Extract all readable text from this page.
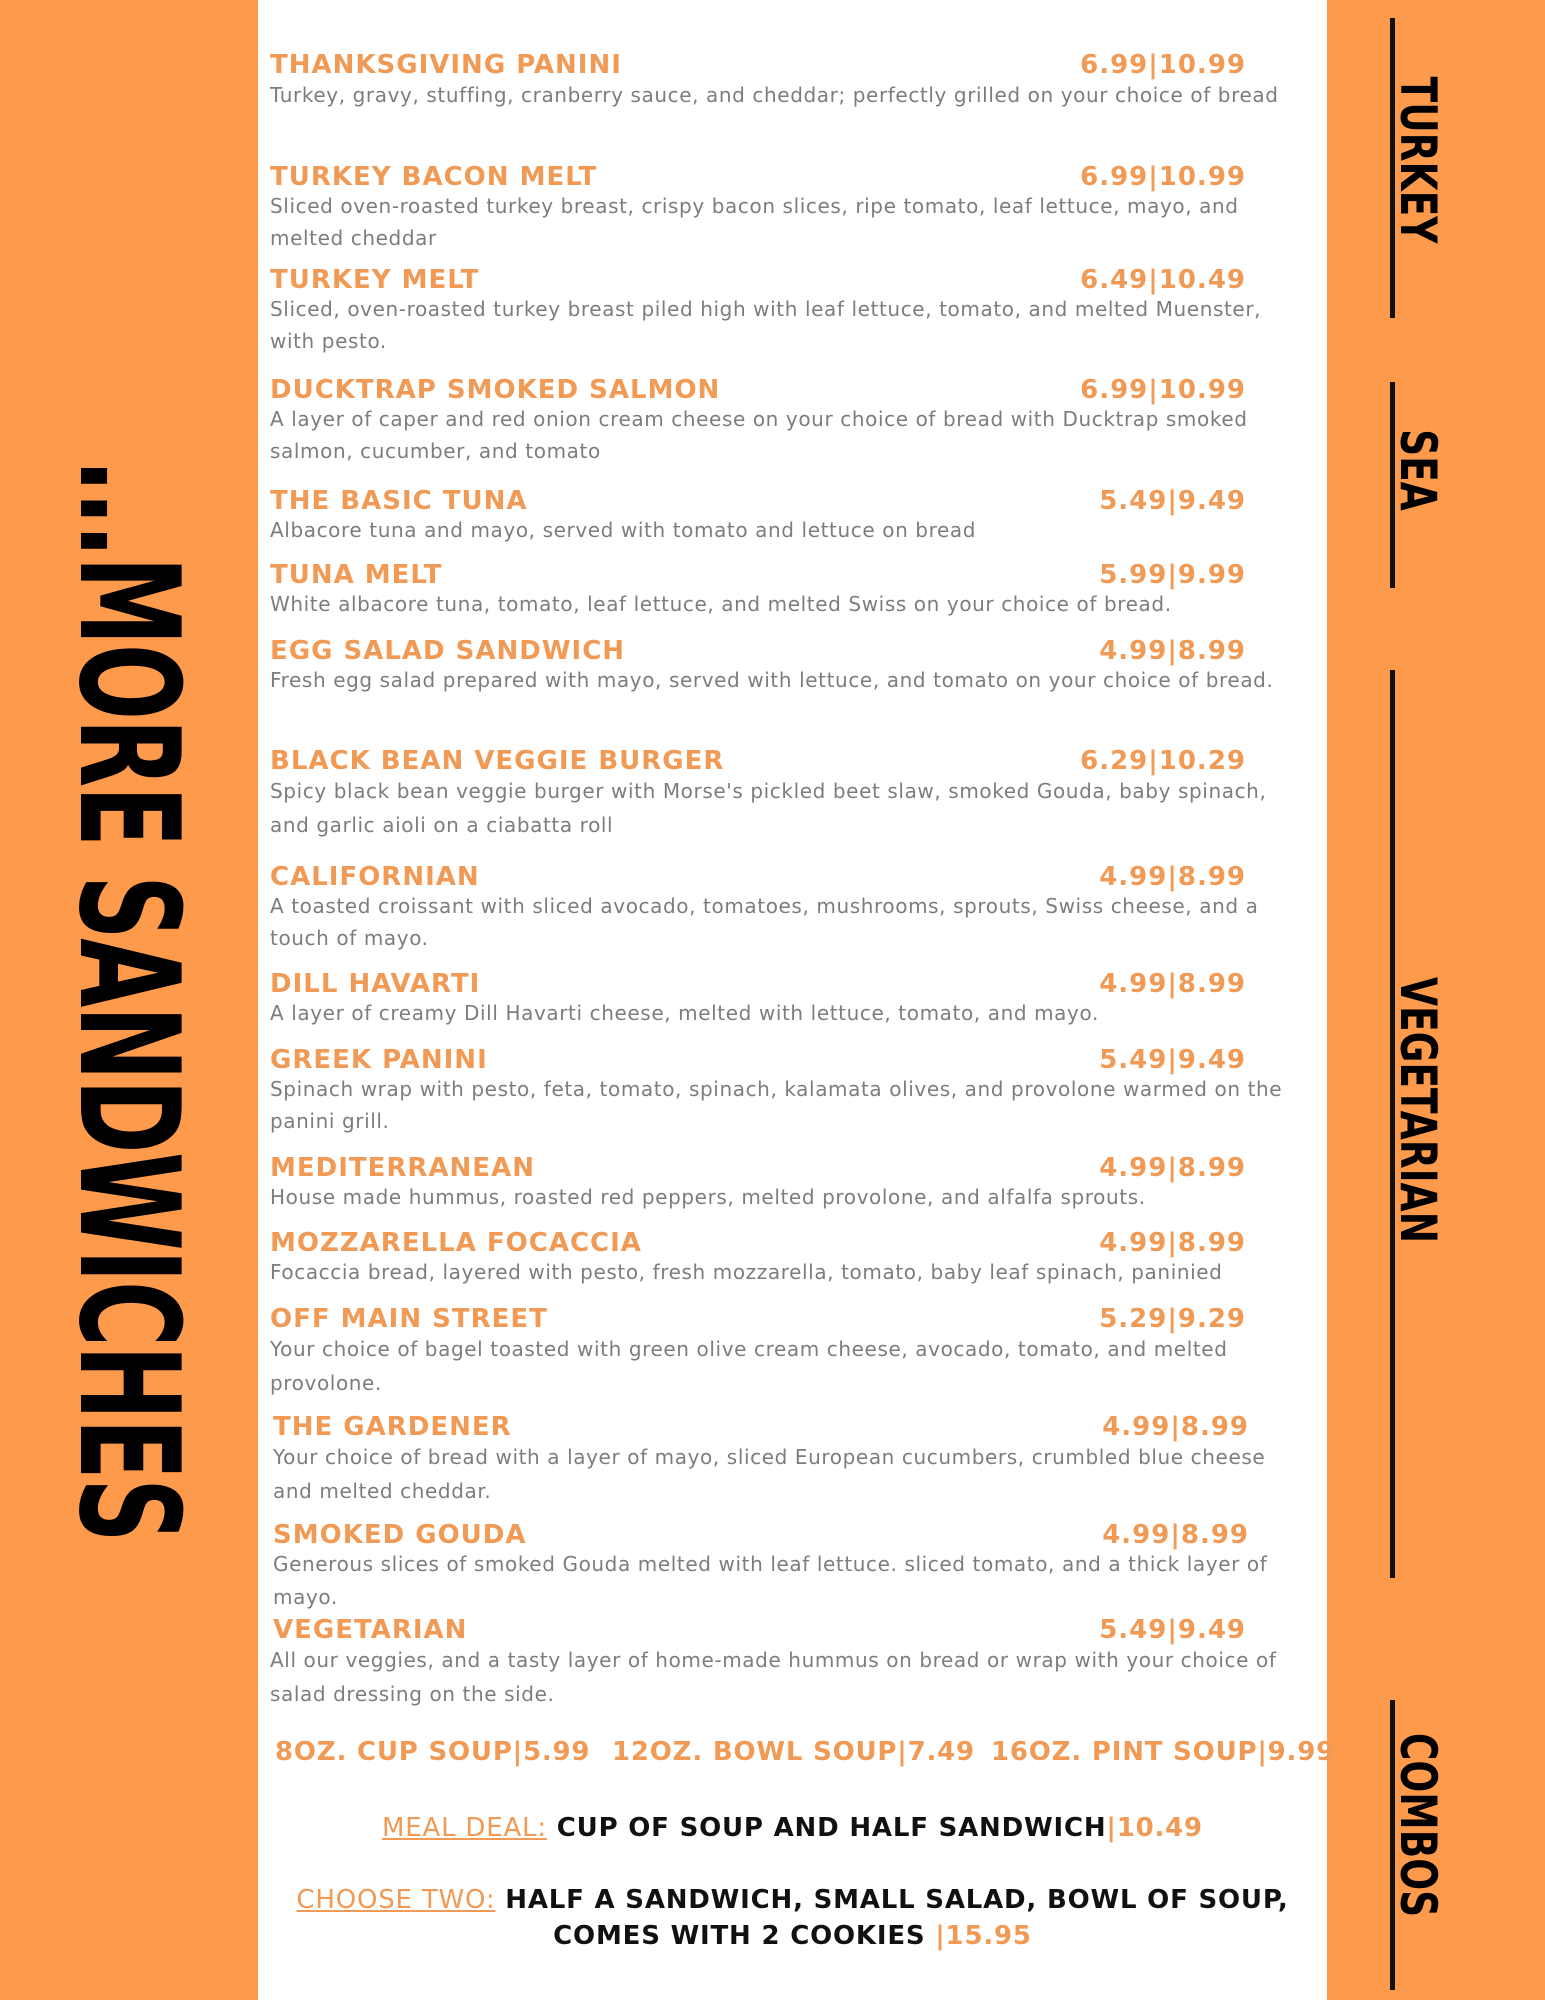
...MORE SANDWICHES
TURKEY
SEA
VEGETARIAN
COMBOS
THANKSGIVING PANINI	6.99|10.99
Turkey, gravy, stuffing, cranberry sauce, and cheddar; perfectly grilled on your choice of bread
TURKEY BACON MELT	6.99|10.99
Sliced oven-roasted turkey breast, crispy bacon slices, ripe tomato, leaf lettuce, mayo, and melted cheddar
TURKEY MELT	6.49|10.49
Sliced, oven-roasted turkey breast piled high with leaf lettuce, tomato, and melted Muenster, with pesto.
DUCKTRAP SMOKED SALMON	6.99|10.99
A layer of caper and red onion cream cheese on your choice of bread with Ducktrap smoked salmon, cucumber, and tomato
THE BASIC TUNA	5.49|9.49
Albacore tuna and mayo, served with tomato and lettuce on bread
TUNA MELT	5.99|9.99
White albacore tuna, tomato, leaf lettuce, and melted Swiss on your choice of bread.
EGG SALAD SANDWICH	4.99|8.99
Fresh egg salad prepared with mayo, served with lettuce, and tomato on your choice of bread.
BLACK BEAN VEGGIE BURGER	6.29|10.29
Spicy black bean veggie burger with Morse's pickled beet slaw, smoked Gouda, baby spinach, and garlic aioli on a ciabatta roll
CALIFORNIAN	4.99|8.99
A toasted croissant with sliced avocado, tomatoes, mushrooms, sprouts, Swiss cheese, and a touch of mayo.
DILL HAVARTI	4.99|8.99
A layer of creamy Dill Havarti cheese, melted with lettuce, tomato, and mayo.
GREEK PANINI	5.49|9.49
Spinach wrap with pesto, feta, tomato, spinach, kalamata olives, and provolone warmed on the panini grill.
MEDITERRANEAN	4.99|8.99
House made hummus, roasted red peppers, melted provolone, and alfalfa sprouts.
MOZZARELLA FOCACCIA	4.99|8.99
Focaccia bread, layered with pesto, fresh mozzarella, tomato, baby leaf spinach, paninied
OFF MAIN STREET	5.29|9.29
Your choice of bagel toasted with green olive cream cheese, avocado, tomato, and melted provolone.
THE GARDENER	4.99|8.99
Your choice of bread with a layer of mayo, sliced European cucumbers, crumbled blue cheese and melted cheddar.
SMOKED GOUDA	4.99|8.99
Generous slices of smoked Gouda melted with leaf lettuce. sliced tomato, and a thick layer of mayo.
VEGETARIAN	5.49|9.49
All our veggies, and a tasty layer of home-made hummus on bread or wrap with your choice of salad dressing on the side.
8OZ. CUP SOUP|5.99 12OZ. BOWL SOUP|7.49 16OZ. PINT SOUP|9.99
MEAL DEAL: CUP OF SOUP AND HALF SANDWICH|10.49
CHOOSE TWO: HALF A SANDWICH, SMALL SALAD, BOWL OF SOUP,
COMES WITH 2 COOKIES |15.95
